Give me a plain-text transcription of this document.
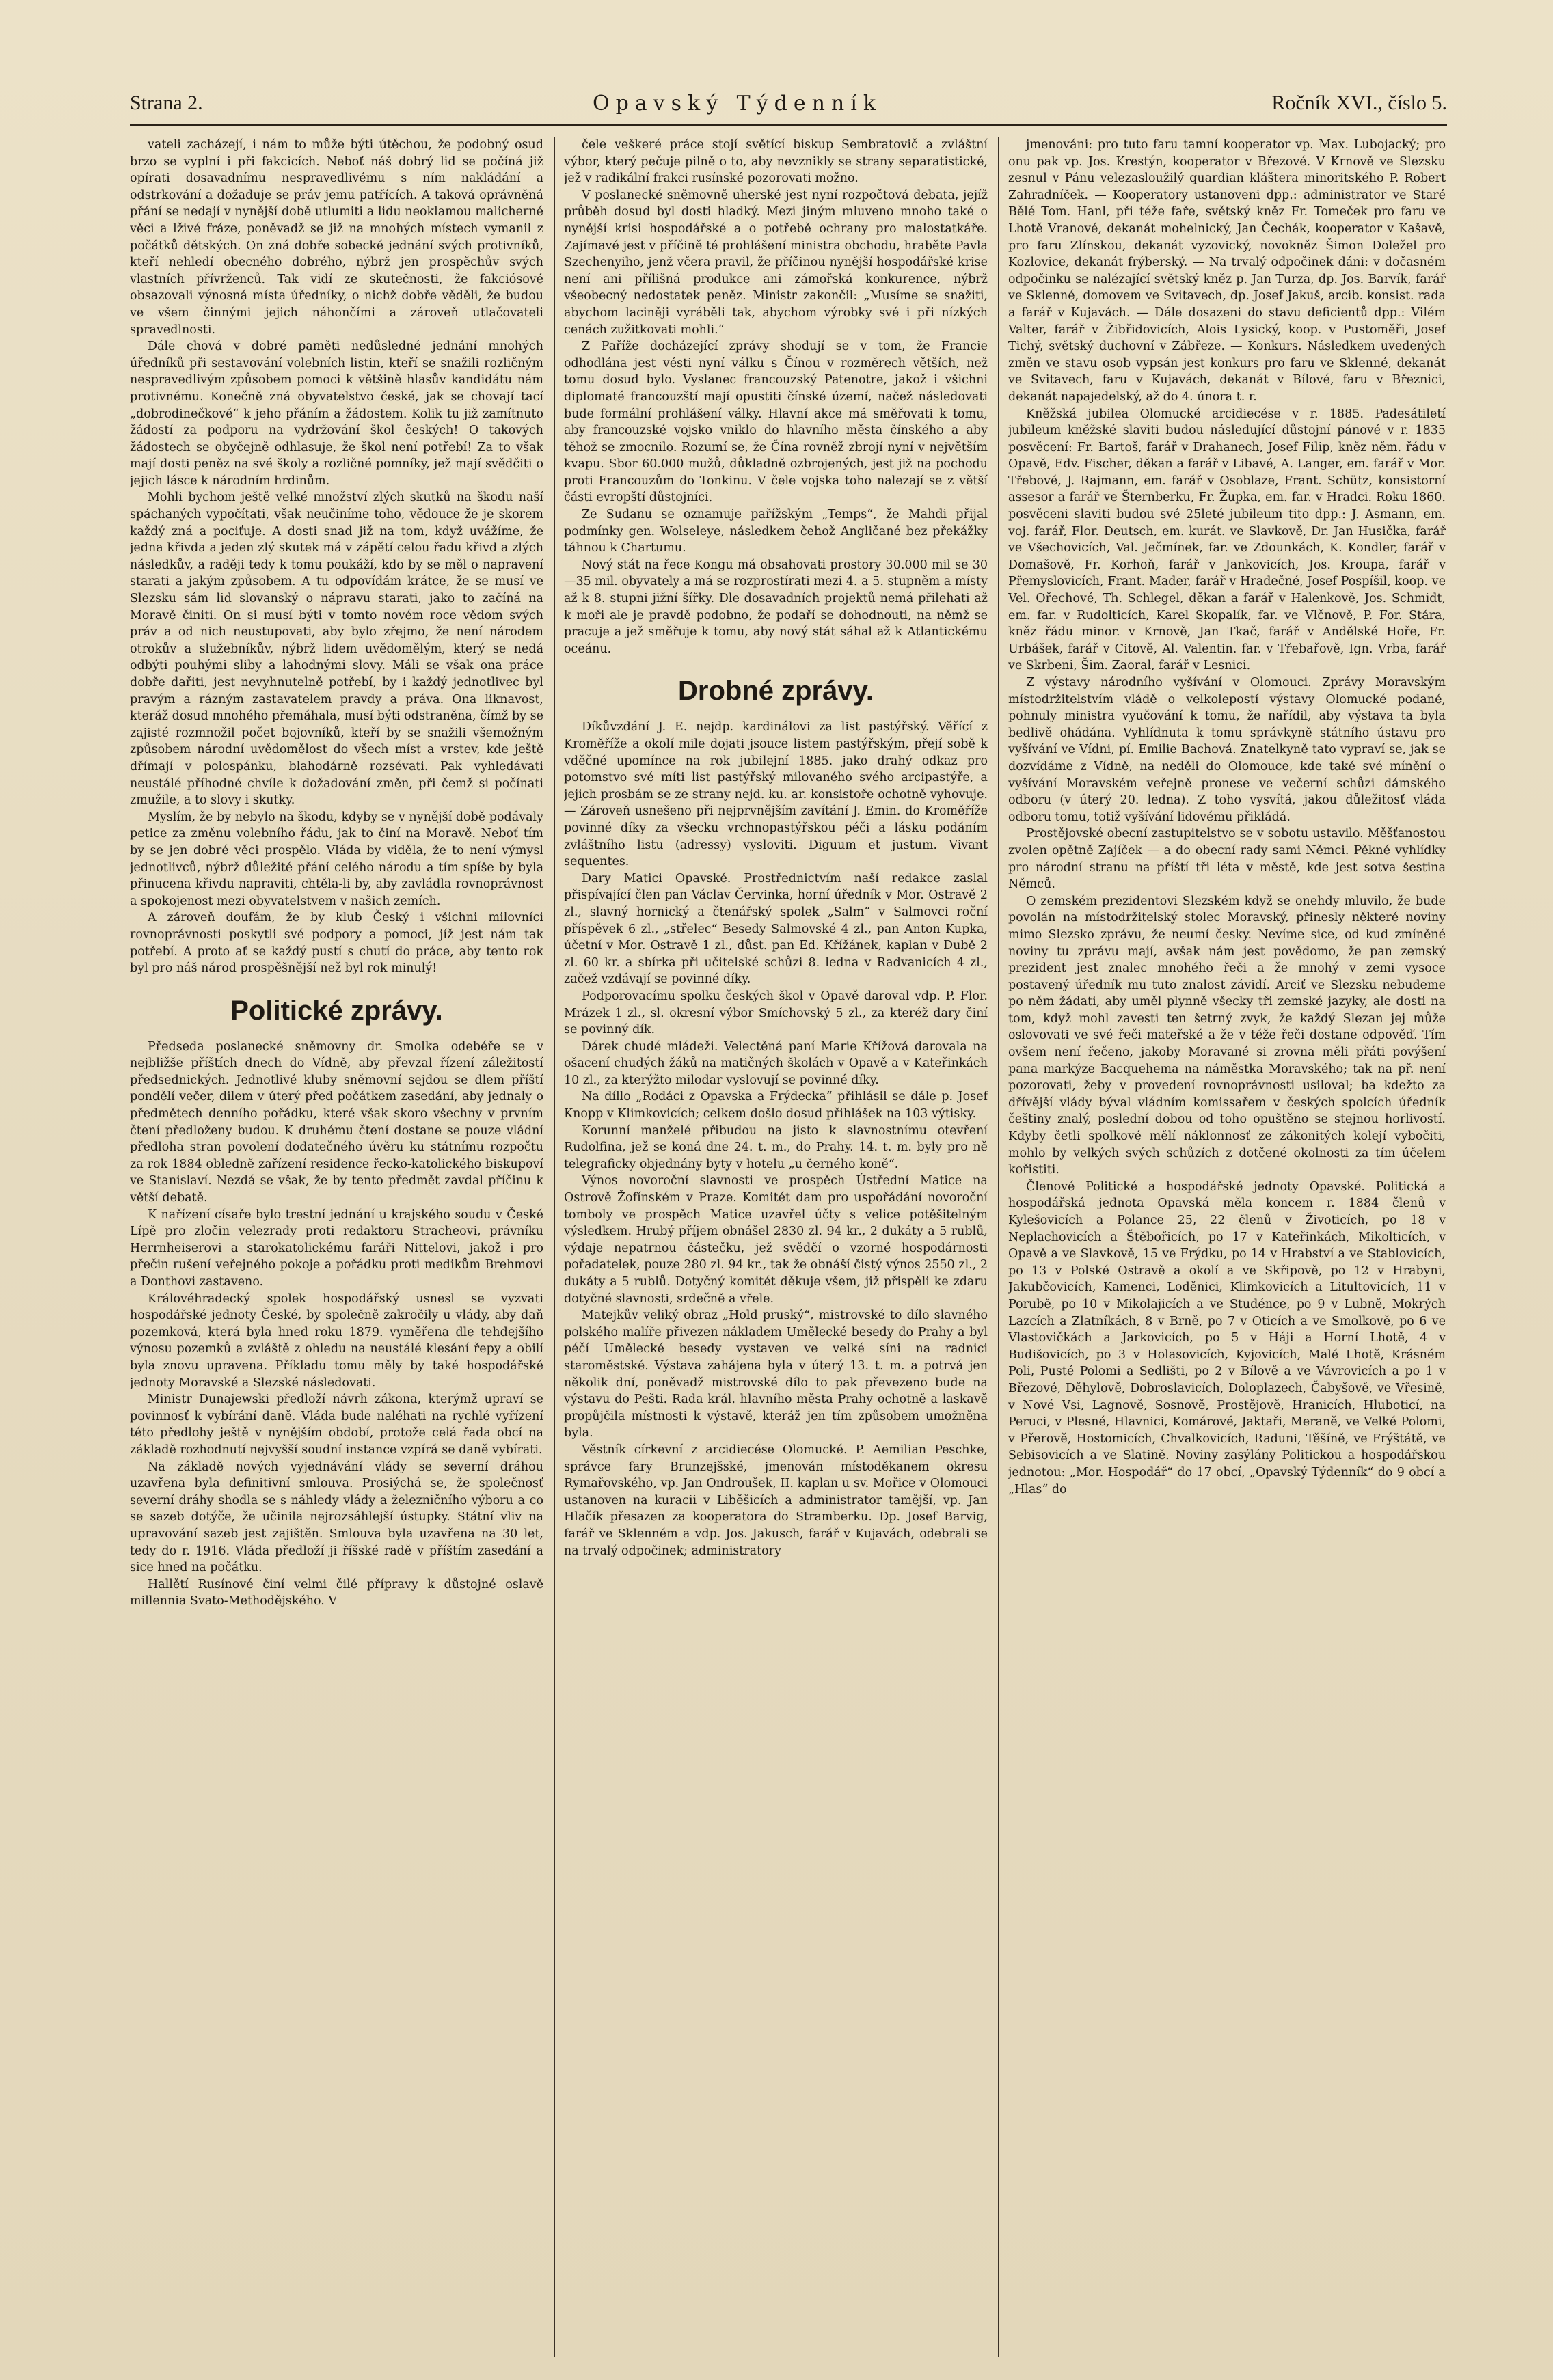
Strana 2.	Opavský Týdenník	Ročník XVI., číslo 5.

vateli zacházejí, i nám to může býti útěchou, že podobný osud brzo se vyplní i při fakcicích. Neboť náš dobrý lid se počíná již opírati dosavadnímu nespravedlivému s ním nakládání a odstrkování a dožaduje se práv jemu patřících. A taková oprávněná přání se nedají v nynější době utlumiti a lidu neoklamou malicherné věci a lživé fráze, poněvadž se již na mnohých místech vymanil z počátků dětských. On zná dobře sobecké jednání svých protivníků, kteří nehledí obecného dobrého, nýbrž jen prospěchův svých vlastních přívrženců. Tak vidí ze skutečnosti, že fakciósové obsazovali výnosná místa úředníky, o nichž dobře věděli, že budou ve všem činnými jejich náhončími a zároveň utlačovateli spravedlnosti.

Dále chová v dobré paměti nedůsledné jednání mnohých úředníků při sestavování volebních listin, kteří se snažili rozličným nespravedlivým způsobem pomoci k většině hlasův kandidátu nám protivnému. Konečně zná obyvatelstvo české, jak se chovají tací „dobrodinečkové“ k jeho přáním a žádostem. Kolik tu již zamítnuto žádostí za podporu na vydržování škol českých! O takových žádostech se obyčejně odhlasuje, že škol není potřebí! Za to však mají dosti peněz na své školy a rozličné pomníky, jež mají svědčiti o jejich lásce k národním hrdinům.

Mohli bychom ještě velké množství zlých skutků na škodu naší spáchaných vypočítati, však neučiníme toho, vědouce že je skorem každý zná a pociťuje. A dosti snad již na tom, když uvážíme, že jedna křivda a jeden zlý skutek má v zápětí celou řadu křivd a zlých následkův, a raději tedy k tomu poukáží, kdo by se měl o napravení starati a jakým způsobem. A tu odpovídám krátce, že se musí ve Slezsku sám lid slovanský o nápravu starati, jako to začíná na Moravě činiti. On si musí býti v tomto novém roce vědom svých práv a od nich neustupovati, aby bylo zřejmo, že není národem otrokův a služebníkův, nýbrž lidem uvědomělým, který se nedá odbýti pouhými sliby a lahodnými slovy. Máli se však ona práce dobře dařiti, jest nevyhnutelně potřebí, by i každý jednotlivec byl pravým a rázným zastavatelem pravdy a práva. Ona liknavost, kteráž dosud mnohého přemáhala, musí býti odstraněna, čímž by se zajisté rozmnožil počet bojovníků, kteří by se snažili všemožným způsobem národní uvědomělost do všech míst a vrstev, kde ještě dřímají v polospánku, blahodárně rozsévati. Pak vyhledávati neustálé příhodné chvíle k dožadování změn, při čemž si počínati zmužile, a to slovy i skutky.

Myslím, že by nebylo na škodu, kdyby se v nynější době podávaly petice za změnu volebního řádu, jak to činí na Moravě. Neboť tím by se jen dobré věci prospělo. Vláda by viděla, že to není výmysl jednotlivců, nýbrž důležité přání celého národu a tím spíše by byla přinucena křivdu napraviti, chtěla-li by, aby zavládla rovnoprávnost a spokojenost mezi obyvatelstvem v našich zemích.

A zároveň doufám, že by klub Český i všichni milovníci rovnoprávnosti poskytli své podpory a pomoci, jíž jest nám tak potřebí. A proto ať se každý pustí s chutí do práce, aby tento rok byl pro náš národ prospěšnější než byl rok minulý!

Politické zprávy.

Předseda poslanecké sněmovny dr. Smolka odebéře se v nejbližše příštích dnech do Vídně, aby převzal řízení záležitostí předsednických. Jednotlivé kluby sněmovní sejdou se dlem příští pondělí večer, dilem v úterý před počátkem zasedání, aby jednaly o předmětech denního pořádku, které však skoro všechny v prvním čtení předloženy budou. K druhému čtení dostane se pouze vládní předloha stran povolení dodatečného úvěru ku státnímu rozpočtu za rok 1884 obledně zařízení residence řecko-katolického biskupoví ve Stanislaví. Nezdá se však, že by tento předmět zavdal příčinu k větší debatě.

K nařízení císaře bylo trestní jednání u krajského soudu v České Lípě pro zločin velezrady proti redaktoru Stracheovi, právníku Herrnheiserovi a starokatolickému faráři Nittelovi, jakož i pro přečin rušení veřejného pokoje a pořádku proti medikům Brehmovi a Donthovi zastaveno.

Královéhradecký spolek hospodářský usnesl se vyzvati hospodářské jednoty České, by společně zakročily u vlády, aby daň pozemková, která byla hned roku 1879. vyměřena dle tehdejšího výnosu pozemků a zvláště z ohledu na neustálé klesání řepy a obilí byla znovu upravena. Příkladu tomu měly by také hospodářské jednoty Moravské a Slezské následovati.

Ministr Dunajewski předloží návrh zákona, kterýmž upraví se povinnosť k vybírání daně. Vláda bude naléhati na rychlé vyřízení této předlohy ještě v nynějším období, protože celá řada obcí na základě rozhodnutí nejvyšší soudní instance vzpírá se daně vybírati.

Na základě nových vyjednávání vlády se severní dráhou uzavřena byla definitivní smlouva. Prosiýchá se, že společnosť severní dráhy shodla se s náhledy vlády a železničního výboru a co se sazeb dotýče, že učinila nejrozsáhlejší ústupky. Státní vliv na upravování sazeb jest zajištěn. Smlouva byla uzavřena na 30 let, tedy do r. 1916. Vláda předloží ji říšské radě v příštím zasedání a sice hned na počátku.

Hallětí Rusínové činí velmi čilé přípravy k důstojné oslavě millennia Svato-Methodějského. V

čele veškeré práce stojí světící biskup Sembratovič a zvláštní výbor, který pečuje pilně o to, aby nevznikly se strany separatistické, jež v radikální frakci rusínské pozorovati možno.

V poslanecké sněmovně uherské jest nyní rozpočtová debata, jejíž průběh dosud byl dosti hladký. Mezi jiným mluveno mnoho také o nynější krisi hospodářské a o potřebě ochrany pro malostatkáře. Zajímavé jest v příčině té prohlášení ministra obchodu, hraběte Pavla Szechenyiho, jenž včera pravil, že příčinou nynější hospodářské krise není ani přílišná produkce ani zámořská konkurence, nýbrž všeobecný nedostatek peněz. Ministr zakončil: „Musíme se snažiti, abychom laciněji vyráběli tak, abychom výrobky své i při nízkých cenách zužitkovati mohli.“

Z Paříže docházející zprávy shodují se v tom, že Francie odhodlána jest vésti nyní válku s Čínou v rozměrech větších, než tomu dosud bylo. Vyslanec francouzský Patenotre, jakož i všichni diplomaté francouzští mají opustiti čínské území, načež následovati bude formální prohlášení války. Hlavní akce má směřovati k tomu, aby francouzské vojsko vniklo do hlavního města čínského a aby těhož se zmocnilo. Rozumí se, že Čína rovněž zbrojí nyní v největším kvapu. Sbor 60.000 mužů, důkladně ozbrojených, jest již na pochodu proti Francouzům do Tonkinu. V čele vojska toho nalezají se z větší části evropští důstojníci.

Ze Sudanu se oznamuje pařížským „Temps“, že Mahdi přijal podmínky gen. Wolseleye, následkem čehož Angličané bez překážky táhnou k Chartumu.

Nový stát na řece Kongu má obsahovati prostory 30.000 mil se 30—35 mil. obyvately a má se rozprostírati mezi 4. a 5. stupněm a místy až k 8. stupni jižní šířky. Dle dosavadních projektů nemá přilehati až k moři ale je pravdě podobno, že podaří se dohodnouti, na němž se pracuje a jež směřuje k tomu, aby nový stát sáhal až k Atlantickému oceánu.

Drobné zprávy.

Díkůvzdání J. E. nejdp. kardinálovi za list pastýřský. Věřící z Kroměříže a okolí mile dojati jsouce listem pastýřským, přejí sobě k vděčné upomínce na rok jubilejní 1885. jako drahý odkaz pro potomstvo své míti list pastýřský milovaného svého arcipastýře, a jejich prosbám se ze strany nejd. ku. ar. konsistoře ochotně vyhovuje. — Zároveň usnešeno při nejprvnějším zavítání J. Emin. do Kroměříže povinné díky za všecku vrchnopastýřskou péči a lásku podáním zvláštního listu (adressy) vysloviti. Diguum et justum. Vivant sequentes.

Dary Matici Opavské. Prostřednictvím naší redakce zaslal přispívající člen pan Václav Červinka, horní úředník v Mor. Ostravě 2 zl., slavný hornický a čtenářský spolek „Salm“ v Salmovci roční příspěvek 6 zl., „střelec“ Besedy Salmovské 4 zl., pan Anton Kupka, účetní v Mor. Ostravě 1 zl., důst. pan Ed. Křížánek, kaplan v Dubě 2 zl. 60 kr. a sbírka při učitelské schůzi 8. ledna v Radvanicích 4 zl., začež vzdávají se povinné díky.

Podporovacímu spolku českých škol v Opavě daroval vdp. P. Flor. Mrázek 1 zl., sl. okresní výbor Smíchovský 5 zl., za kteréž dary činí se povinný dík.

Dárek chudé mládeži. Velectěná paní Marie Křížová darovala na ošacení chudých žáků na matičných školách v Opavě a v Kateřinkách 10 zl., za kterýžto milodar vyslovují se povinné díky.

Na díllo „Rodáci z Opavska a Frýdecka“ přihlásil se dále p. Josef Knopp v Klimkovicích; celkem došlo dosud přihlášek na 103 výtisky.

Korunní manželé přibudou na jisto k slavnostnímu otevření Rudolfina, jež se koná dne 24. t. m., do Prahy. 14. t. m. byly pro ně telegraficky objednány byty v hotelu „u černého koně“.

Výnos novoroční slavnosti ve prospěch Ústřední Matice na Ostrově Žofínském v Praze. Komitét dam pro uspořádání novoroční tomboly ve prospěch Matice uzavřel účty s velice potěšitelným výsledkem. Hrubý příjem obnášel 2830 zl. 94 kr., 2 dukáty a 5 rublů, výdaje nepatrnou částečku, jež svědčí o vzorné hospodárnosti pořadatelek, pouze 280 zl. 94 kr., tak že obnáší čistý výnos 2550 zl., 2 dukáty a 5 rublů. Dotyčný komitét děkuje všem, již přispěli ke zdaru dotyčné slavnosti, srdečně a vřele.

Matejkův veliký obraz „Hold pruský“, mistrovské to dílo slavného polského malíře přivezen nákladem Umělecké besedy do Prahy a byl péčí Umělecké besedy vystaven ve velké síni na radnici staroměstské. Výstava zahájena byla v úterý 13. t. m. a potrvá jen několik dní, poněvadž mistrovské dílo to pak převezeno bude na výstavu do Pešti. Rada král. hlavního města Prahy ochotně a laskavě propůjčila místnosti k výstavě, kteráž jen tím způsobem umožněna byla.

Věstník církevní z arcidiecése Olomucké. P. Aemilian Peschke, správce fary Brunzejšské, jmenován místoděkanem okresu Rymařovského, vp. Jan Ondroušek, II. kaplan u sv. Mořice v Olomouci ustanoven na kuracii v Liběšicích a administrator tamější, vp. Jan Hlačík přesazen za kooperatora do Stramberku. Dp. Josef Barvig, farář ve Sklenném a vdp. Jos. Jakusch, farář v Kujavách, odebrali se na trvalý odpočinek; administratory

jmenováni: pro tuto faru tamní kooperator vp. Max. Lubojacký; pro onu pak vp. Jos. Krestýn, kooperator v Březové. V Krnově ve Slezsku zesnul v Pánu velezasloužilý quardian kláštera minoritského P. Robert Zahradníček. — Kooperatory ustanoveni dpp.: administrator ve Staré Bělé Tom. Hanl, při téže faře, světský kněz Fr. Tomeček pro faru ve Lhotě Vranové, dekanát mohelnický, Jan Čechák, kooperator v Kašavě, pro faru Zlínskou, dekanát vyzovický, novokněz Šimon Doležel pro Kozlovice, dekanát frýberský. — Na trvalý odpočinek dáni: v dočasném odpočinku se nalézající světský kněz p. Jan Turza, dp. Jos. Barvík, farář ve Sklenné, domovem ve Svitavech, dp. Josef Jakuš, arcib. konsist. rada a farář v Kujavách. — Dále dosazeni do stavu deficientů dpp.: Vilém Valter, farář v Žibřidovicích, Alois Lysický, koop. v Pustoměři, Josef Tichý, světský duchovní v Zábřeze. — Konkurs. Následkem uvedených změn ve stavu osob vypsán jest konkurs pro faru ve Sklenné, dekanát ve Svitavech, faru v Kujavách, dekanát v Bílové, faru v Březnici, dekanát napajedelský, až do 4. února t. r.

Kněžská jubilea Olomucké arcidiecése v r. 1885. Padesátiletí jubileum kněžské slaviti budou následující důstojní pánové v r. 1835 posvěcení: Fr. Bartoš, farář v Drahanech, Josef Filip, kněz něm. řádu v Opavě, Edv. Fischer, děkan a farář v Libavé, A. Langer, em. farář v Mor. Třebové, J. Rajmann, em. farář v Osoblaze, Frant. Schütz, konsistorní assesor a farář ve Šternberku, Fr. Župka, em. far. v Hradci. Roku 1860. posvěceni slaviti budou své 25leté jubileum tito dpp.: J. Asmann, em. voj. farář, Flor. Deutsch, em. kurát. ve Slavkově, Dr. Jan Husička, farář ve Všechovicích, Val. Ječmínek, far. ve Zdounkách, K. Kondler, farář v Domašově, Fr. Korhoň, farář v Jankovicích, Jos. Kroupa, farář v Přemyslovicích, Frant. Mader, farář v Hradečné, Josef Pospíšil, koop. ve Vel. Ořechové, Th. Schlegel, děkan a farář v Halenkově, Jos. Schmidt, em. far. v Rudolticích, Karel Skopalík, far. ve Vlčnově, P. For. Stára, kněz řádu minor. v Krnově, Jan Tkač, farář v Andělské Hoře, Fr. Urbášek, farář v Citově, Al. Valentin. far. v Třebařově, Ign. Vrba, farář ve Skrbeni, Šim. Zaoral, farář v Lesnici.

Z výstavy národního vyšívání v Olomouci. Zprávy Moravským místodržitelstvím vládě o velkolepostí výstavy Olomucké podané, pohnuly ministra vyučování k tomu, že nařídil, aby výstava ta byla bedlivě ohádána. Vyhlídnuta k tomu správkyně státního ústavu pro vyšívání ve Vídni, pí. Emilie Bachová. Znatelkyně tato vypraví se, jak se dozvídáme z Vídně, na neděli do Olomouce, kde také své mínění o vyšívání Moravském veřejně pronese ve večerní schůzi dámského odboru (v úterý 20. ledna). Z toho vysvítá, jakou důležitosť vláda odboru tomu, totiž vyšívání lidovému přikládá.

Prostějovské obecní zastupitelstvo se v sobotu ustavilo. Měšťanostou zvolen opětně Zajíček — a do obecní rady sami Němci. Pěkné vyhlídky pro národní stranu na příští tři léta v městě, kde jest sotva šestina Němců.

O zemském prezidentovi Slezském když se onehdy mluvilo, že bude povolán na místodržitelský stolec Moravský, přinesly některé noviny mimo Slezsko zprávu, že neumí česky. Nevíme sice, od kud zmíněné noviny tu zprávu mají, avšak nám jest povědomo, že pan zemský prezident jest znalec mnohého řeči a že mnohý v zemi vysoce postavený úředník mu tuto znalost závidí. Arciť ve Slezsku nebudeme po něm žádati, aby uměl plynně všecky tři zemské jazyky, ale dosti na tom, když mohl zavesti ten šetrný zvyk, že každý Slezan jej může oslovovati ve své řeči mateřské a že v téže řeči dostane odpověď. Tím ovšem není řečeno, jakoby Moravané si zrovna měli přáti povýšení pana markýze Bacquehema na náměstka Moravského; tak na př. není pozorovati, žeby v provedení rovnoprávnosti usiloval; ba kdežto za dřívější vlády býval vládním komissařem v českých spolcích úředník češtiny znalý, poslední dobou od toho opuštěno se stejnou horlivostí. Kdyby četli spolkové mělí náklonnosť ze zákonitých kolejí vybočiti, mohlo by velkých svých schůzích z dotčené okolnosti za tím účelem kořistiti.

Členové Politické a hospodářské jednoty Opavské. Politická a hospodářská jednota Opavská měla koncem r. 1884 členů v Kylešovicích a Polance 25, 22 členů v Životicích, po 18 v Neplachovicích a Štěbořicích, po 17 v Kateřinkách, Mikolticích, v Opavě a ve Slavkově, 15 ve Frýdku, po 14 v Hrabství a ve Stablovicích, po 13 v Polské Ostravě a okolí a ve Skřipově, po 12 v Hrabyni, Jakubčovicích, Kamenci, Loděnici, Klimkovicích a Litultovicích, 11 v Porubě, po 10 v Mikolajicích a ve Studénce, po 9 v Lubně, Mokrých Lazcích a Zlatníkách, 8 v Brně, po 7 v Oticích a ve Smolkově, po 6 ve Vlastovičkách a Jarkovicích, po 5 v Háji a Horní Lhotě, 4 v Budišovicích, po 3 v Holasovicích, Kyjovicích, Malé Lhotě, Krásném Poli, Pusté Polomi a Sedlišti, po 2 v Bílově a ve Vávrovicích a po 1 v Březové, Děhylově, Dobroslavicích, Doloplazech, Čabyšově, ve Vřesině, v Nové Vsi, Lagnově, Sosnově, Prostějově, Hranicích, Hluboticí, na Peruci, v Plesné, Hlavnici, Komárové, Jaktaři, Meraně, ve Velké Polomi, v Přerově, Hostomicích, Chvalkovicích, Raduni, Těšíně, ve Frýštátě, ve Sebisovicích a ve Slatině. Noviny zasýlány Politickou a hospodářskou jednotou: „Mor. Hospodář“ do 17 obcí, „Opavský Týdenník“ do 9 obcí a „Hlas“ do
